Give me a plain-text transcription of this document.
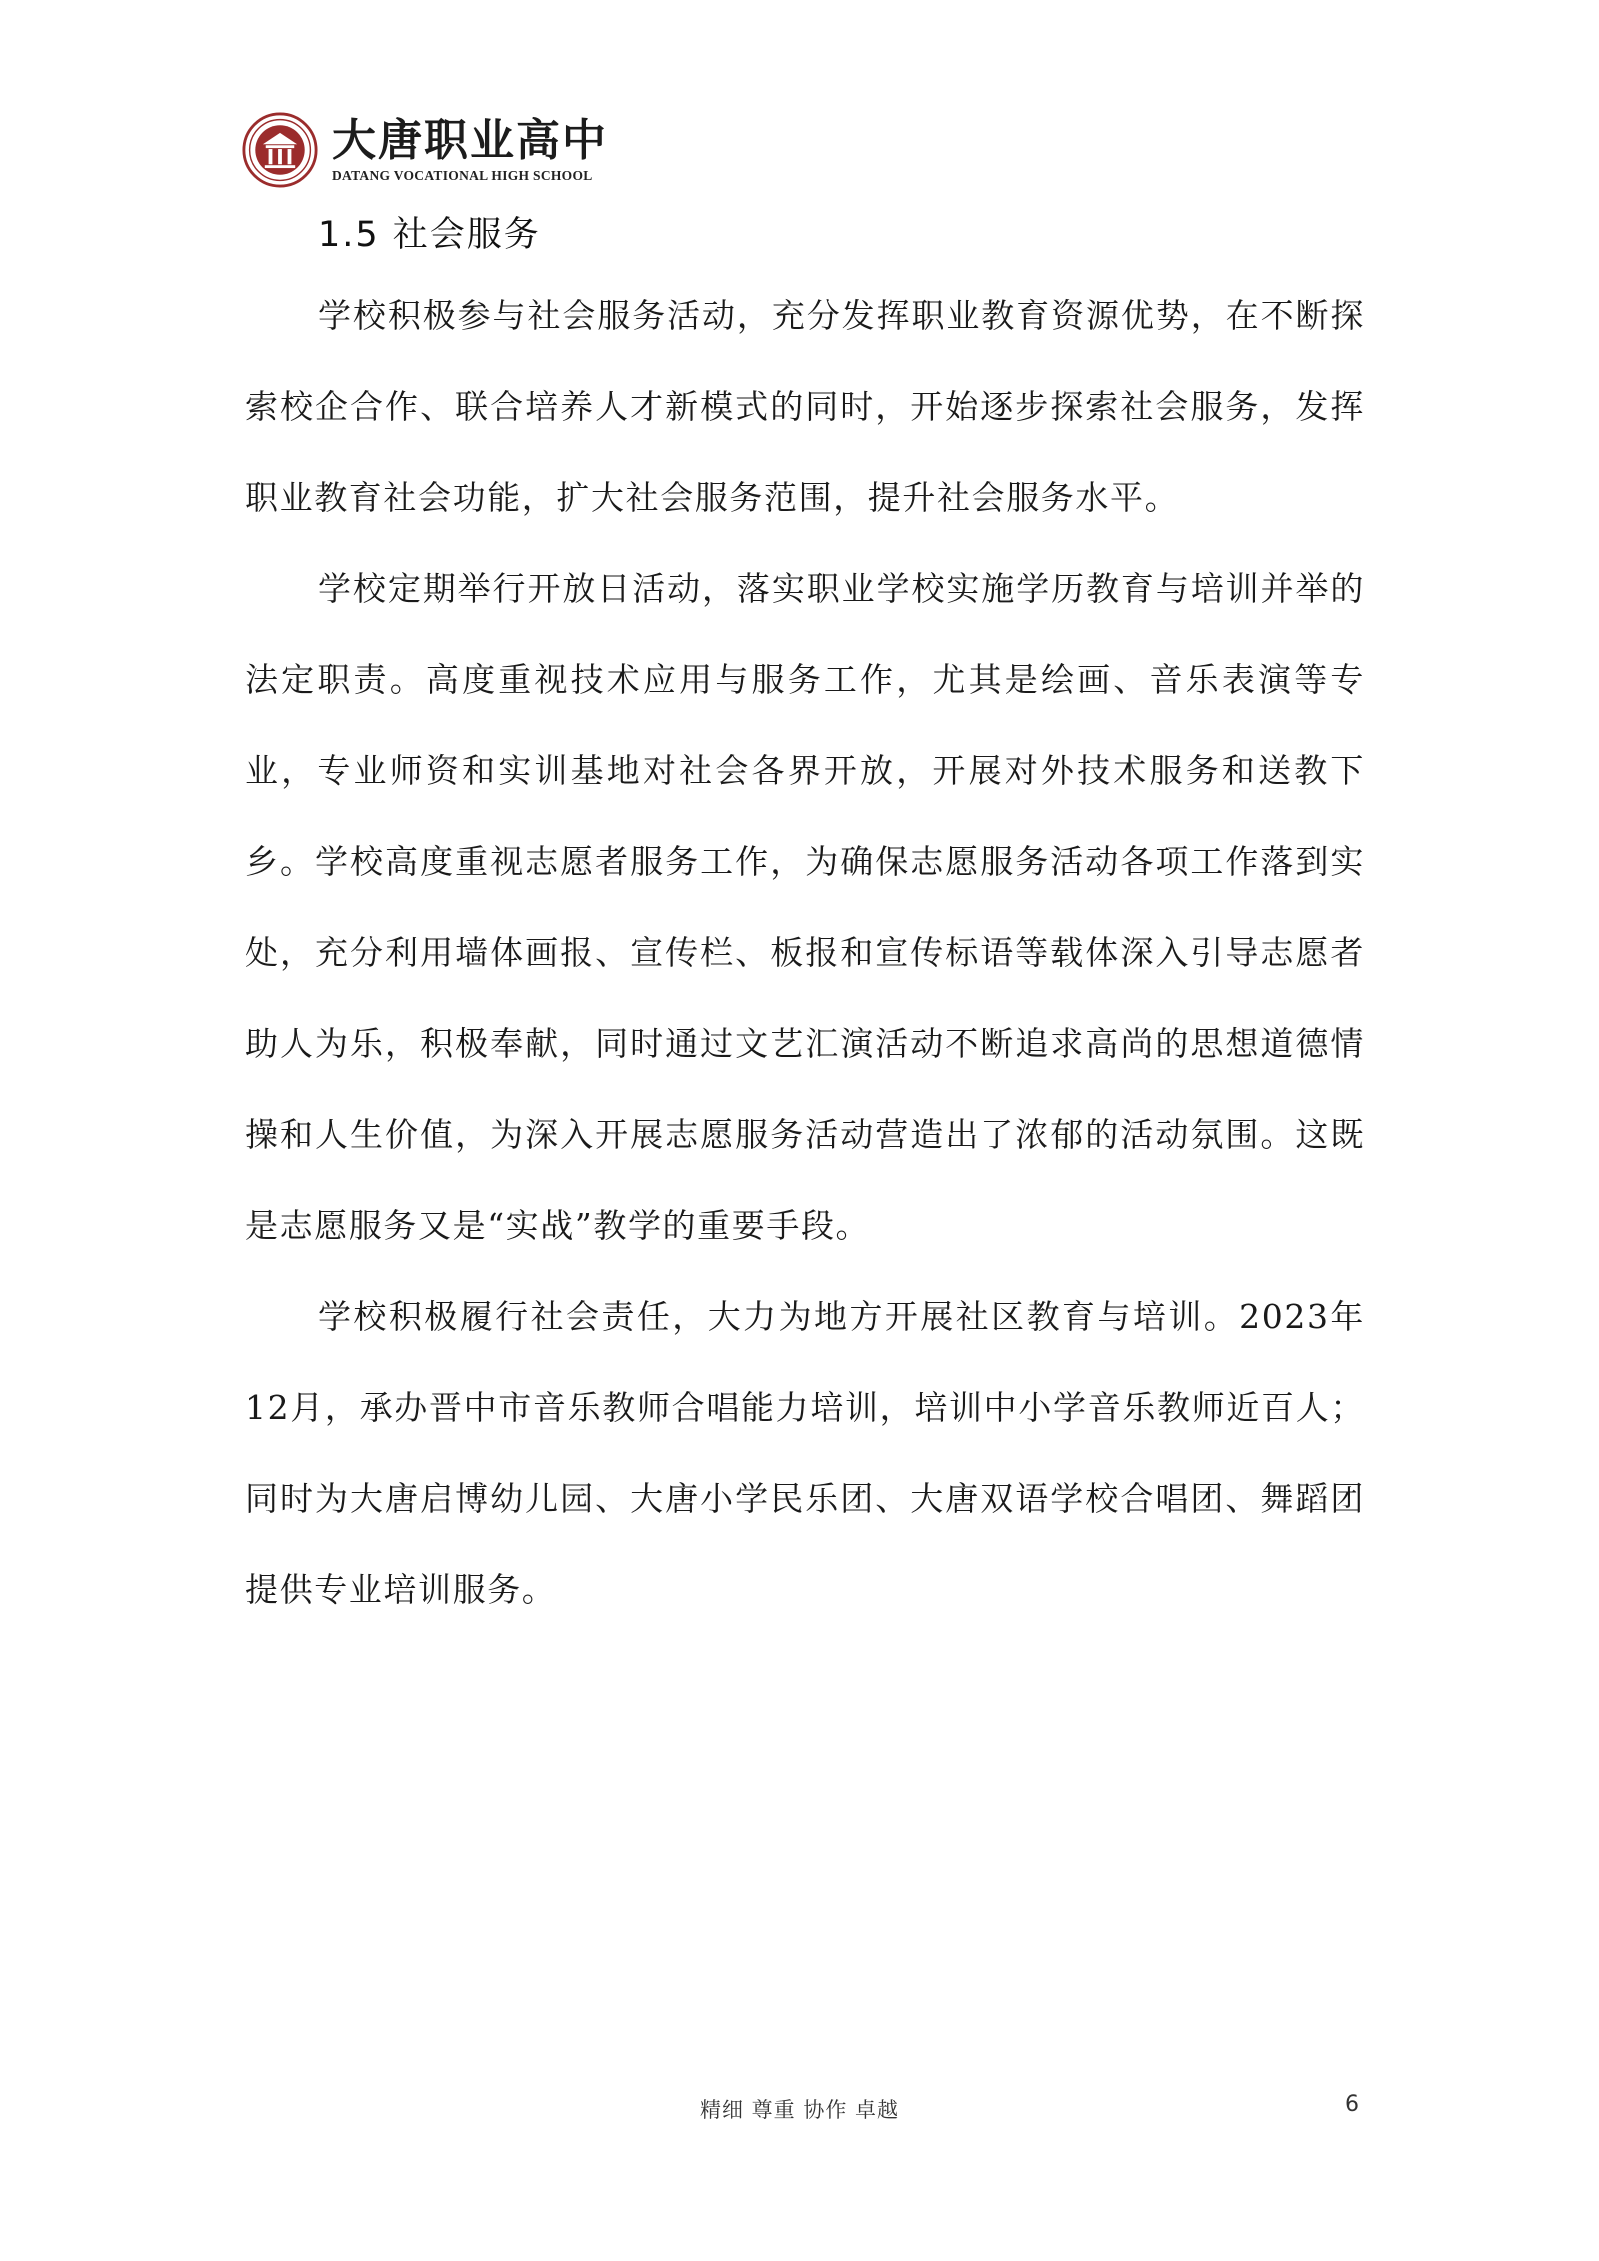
大唐职业高中
DATANG VOCATIONAL HIGH SCHOOL
1.5 社会服务

学校积极参与社会服务活动，充分发挥职业教育资源优势，在不断探索校企合作、联合培养人才新模式的同时，开始逐步探索社会服务，发挥职业教育社会功能，扩大社会服务范围，提升社会服务水平。

学校定期举行开放日活动，落实职业学校实施学历教育与培训并举的法定职责。高度重视技术应用与服务工作，尤其是绘画、音乐表演等专业，专业师资和实训基地对社会各界开放，开展对外技术服务和送教下乡。学校高度重视志愿者服务工作，为确保志愿服务活动各项工作落到实处，充分利用墙体画报、宣传栏、板报和宣传标语等载体深入引导志愿者助人为乐，积极奉献，同时通过文艺汇演活动不断追求高尚的思想道德情操和人生价值，为深入开展志愿服务活动营造出了浓郁的活动氛围。这既是志愿服务又是“实战”教学的重要手段。

学校积极履行社会责任，大力为地方开展社区教育与培训。2023年12月，承办晋中市音乐教师合唱能力培训，培训中小学音乐教师近百人；同时为大唐启博幼儿园、大唐小学民乐团、大唐双语学校合唱团、舞蹈团提供专业培训服务。

精细 尊重 协作 卓越	6
